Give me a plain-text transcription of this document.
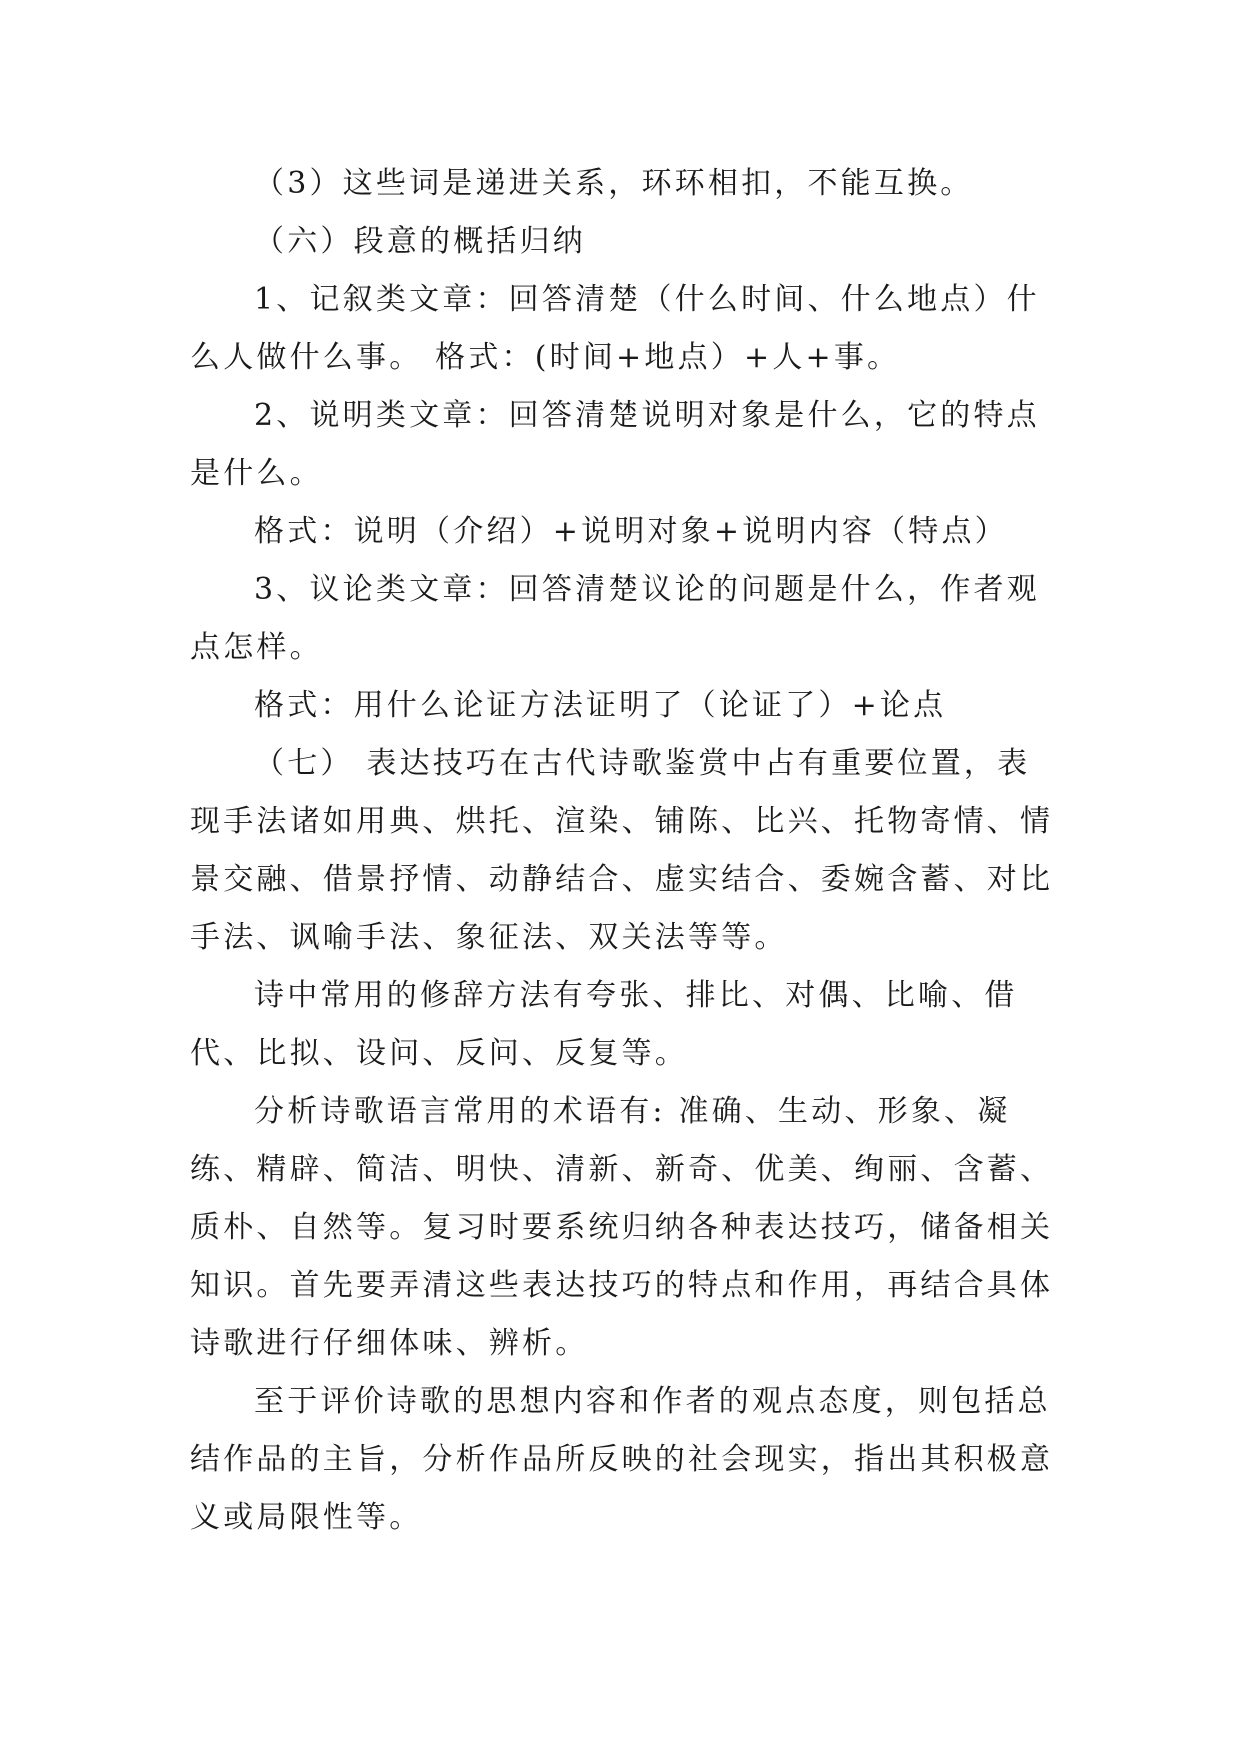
（3）这些词是递进关系，环环相扣，不能互换。

（六）段意的概括归纳

1、记叙类文章：回答清楚（什么时间、什么地点）什么人做什么事。 格式：(时间+地点）+人+事。

2、说明类文章：回答清楚说明对象是什么，它的特点是什么。

格式：说明（介绍）+说明对象+说明内容（特点）

3、议论类文章：回答清楚议论的问题是什么，作者观点怎样。

格式：用什么论证方法证明了（论证了）+论点

（七） 表达技巧在古代诗歌鉴赏中占有重要位置，表现手法诸如用典、烘托、渲染、铺陈、比兴、托物寄情、情景交融、借景抒情、动静结合、虚实结合、委婉含蓄、对比手法、讽喻手法、象征法、双关法等等。

诗中常用的修辞方法有夸张、排比、对偶、比喻、借代、比拟、设问、反问、反复等。

分析诗歌语言常用的术语有: 准确、生动、形象、凝练、精辟、简洁、明快、清新、新奇、优美、绚丽、含蓄、质朴、自然等。复习时要系统归纳各种表达技巧，储备相关知识。首先要弄清这些表达技巧的特点和作用，再结合具体诗歌进行仔细体味、辨析。

至于评价诗歌的思想内容和作者的观点态度，则包括总结作品的主旨，分析作品所反映的社会现实，指出其积极意义或局限性等。
